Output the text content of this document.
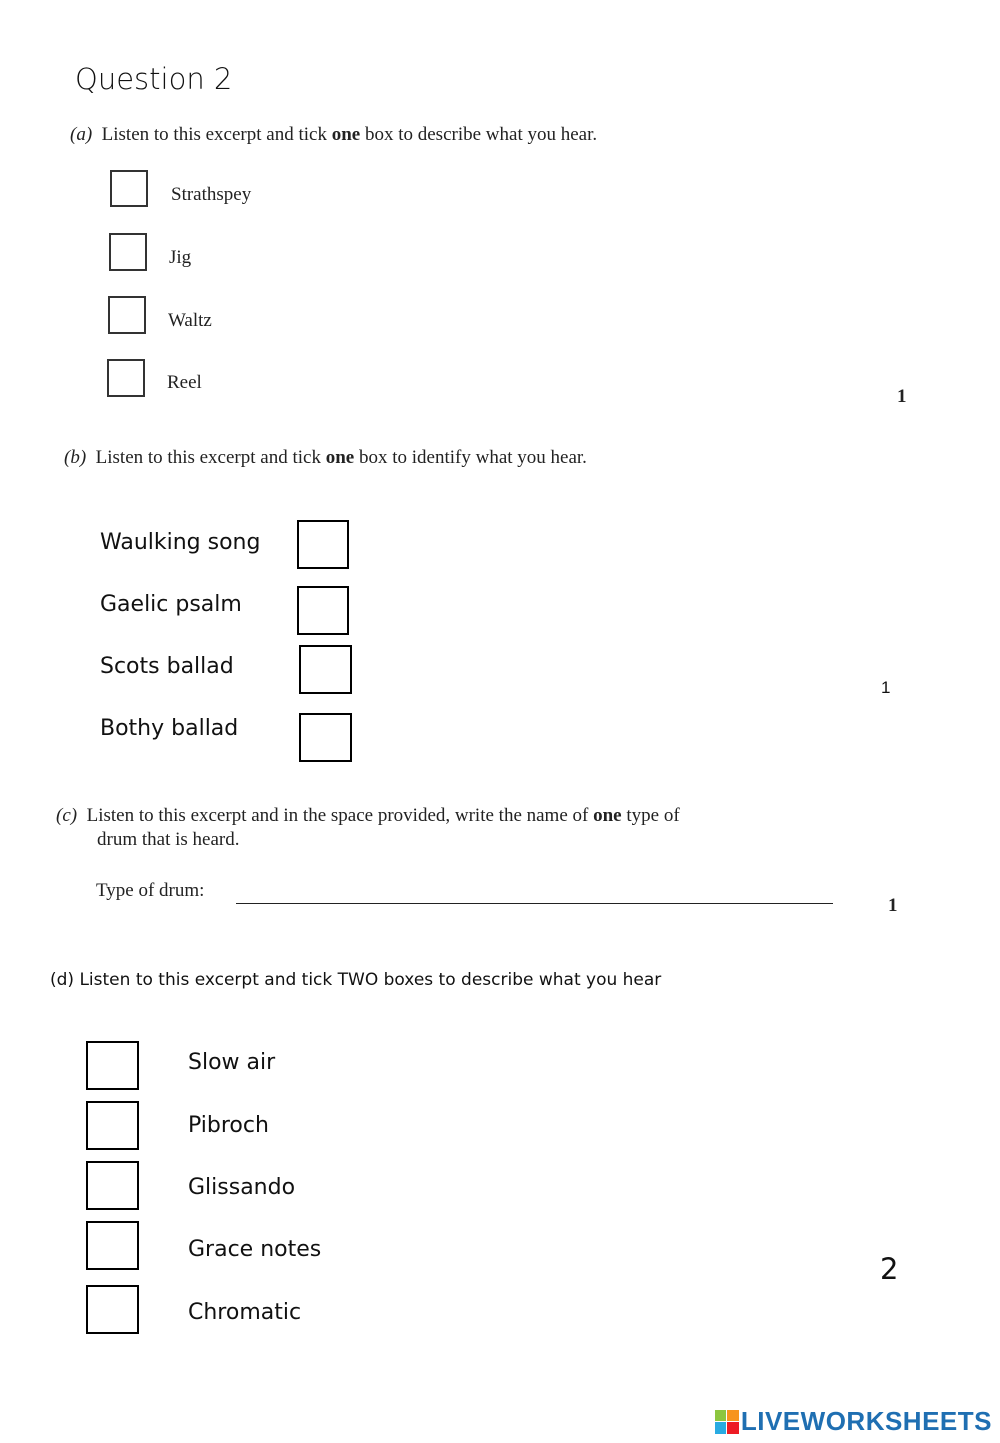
Question 2
(a) Listen to this excerpt and tick one box to describe what you hear.
Strathspey
Jig
Waltz
Reel
1
(b) Listen to this excerpt and tick one box to identify what you hear.
Waulking song
Gaelic psalm
Scots ballad
Bothy ballad
1
(c) Listen to this excerpt and in the space provided, write the name of one type of
drum that is heard.
Type of drum:
1
(d) Listen to this excerpt and tick TWO boxes to describe what you hear
Slow air
Pibroch
Glissando
Grace notes
Chromatic
2
LIVEWORKSHEETS
